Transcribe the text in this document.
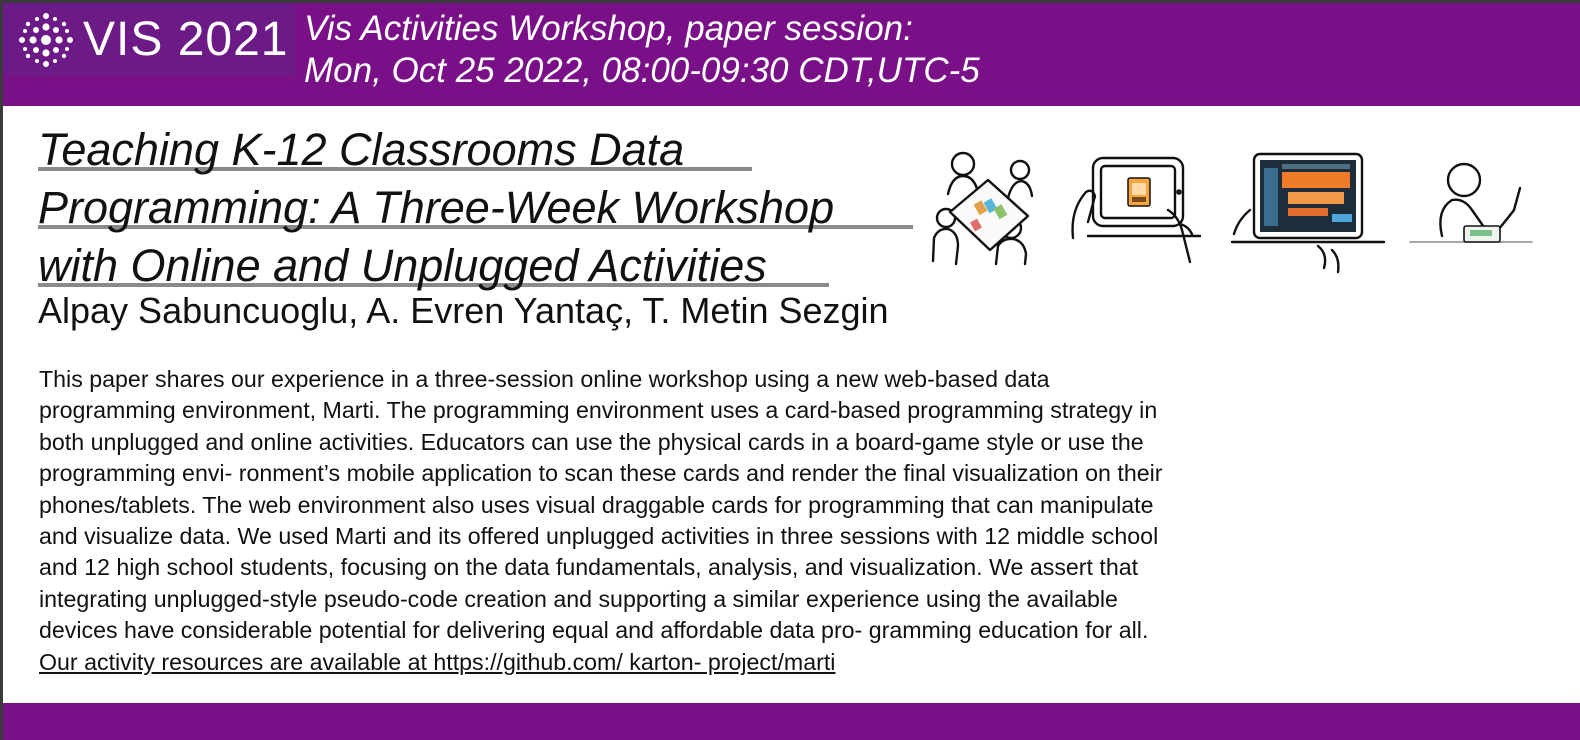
VIS 2021 Vis Activities Workshop, paper session:
Mon, Oct 25 2022, 08:00-09:30 CDT,UTC-5
Teaching K-12 Classrooms Data
Programming: A Three-Week Workshop
with Online and Unplugged Activities
Alpay Sabuncuoglu, A. Evren Yantaç, T. Metin Sezgin

This paper shares our experience in a three-session online workshop using a new web-based data

programming environment, Marti. The programming environment uses a card-based programming strategy in

both unplugged and online activities. Educators can use the physical cards in a board-game style or use the

programming envi- ronment’s mobile application to scan these cards and render the final visualization on their

phones/tablets. The web environment also uses visual draggable cards for programming that can manipulate

and visualize data. We used Marti and its offered unplugged activities in three sessions with 12 middle school

and 12 high school students, focusing on the data fundamentals, analysis, and visualization. We assert that

integrating unplugged-style pseudo-code creation and supporting a similar experience using the available

devices have considerable potential for delivering equal and affordable data pro- gramming education for all.

Our activity resources are available at https://github.com/ karton- project/marti
